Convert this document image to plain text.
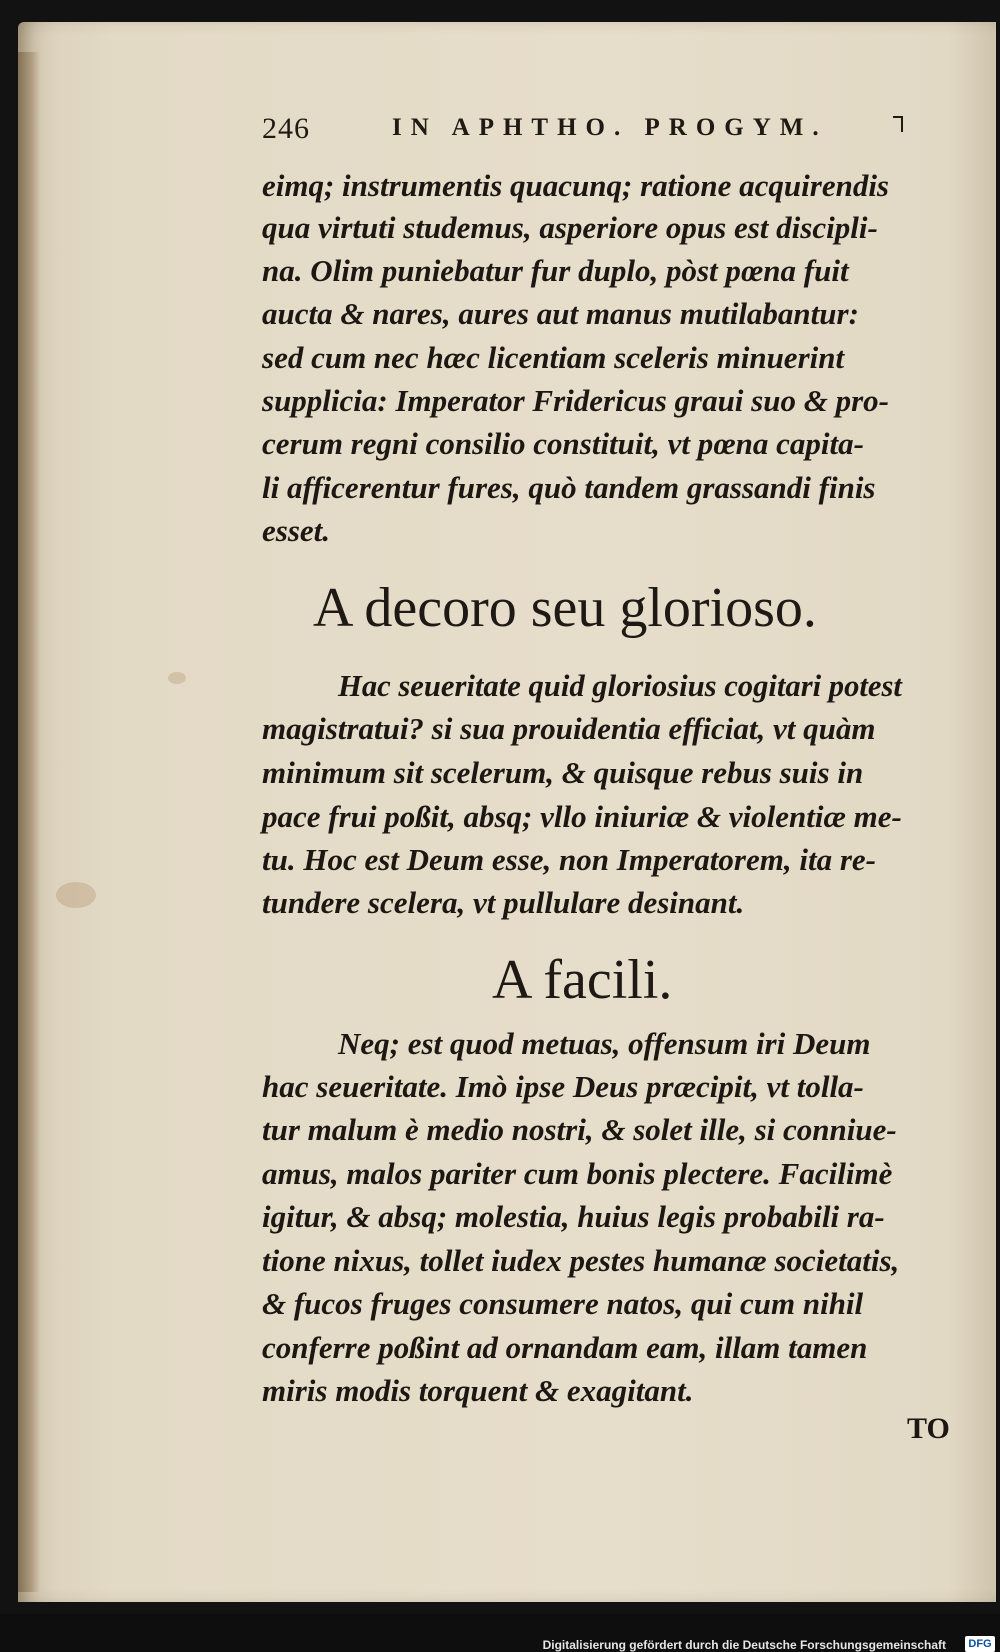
246	IN APHTHO. PROGYM.
eimq; instrumentis quacunq; ratione acquirendis
qua virtuti studemus, asperiore opus est discipli-
na. Olim puniebatur fur duplo, pòst pœna fuit
aucta & nares, aures aut manus mutilabantur:
sed cum nec hæc licentiam sceleris minuerint
supplicia: Imperator Fridericus graui suo & pro-
cerum regni consilio constituit, vt pœna capita-
li afficerentur fures, quò tandem grassandi finis
esset.
A decoro seu glorioso.
Hac seueritate quid gloriosius cogitari potest
magistratui? si sua prouidentia efficiat, vt quàm
minimum sit scelerum, & quisque rebus suis in
pace frui poßit, absq; vllo iniuriæ & violentiæ me-
tu. Hoc est Deum esse, non Imperatorem, ita re-
tundere scelera, vt pullulare desinant.
A facili.
Neq; est quod metuas, offensum iri Deum
hac seueritate. Imò ipse Deus præcipit, vt tolla-
tur malum è medio nostri, & solet ille, si conniue-
amus, malos pariter cum bonis plectere. Facilimè
igitur, & absq; molestia, huius legis probabili ra-
tione nixus, tollet iudex pestes humanæ societatis,
& fucos fruges consumere natos, qui cum nihil
conferre poßint ad ornandam eam, illam tamen
miris modis torquent & exagitant.
TO
Digitalisierung gefördert durch die Deutsche Forschungsgemeinschaft	DFG
